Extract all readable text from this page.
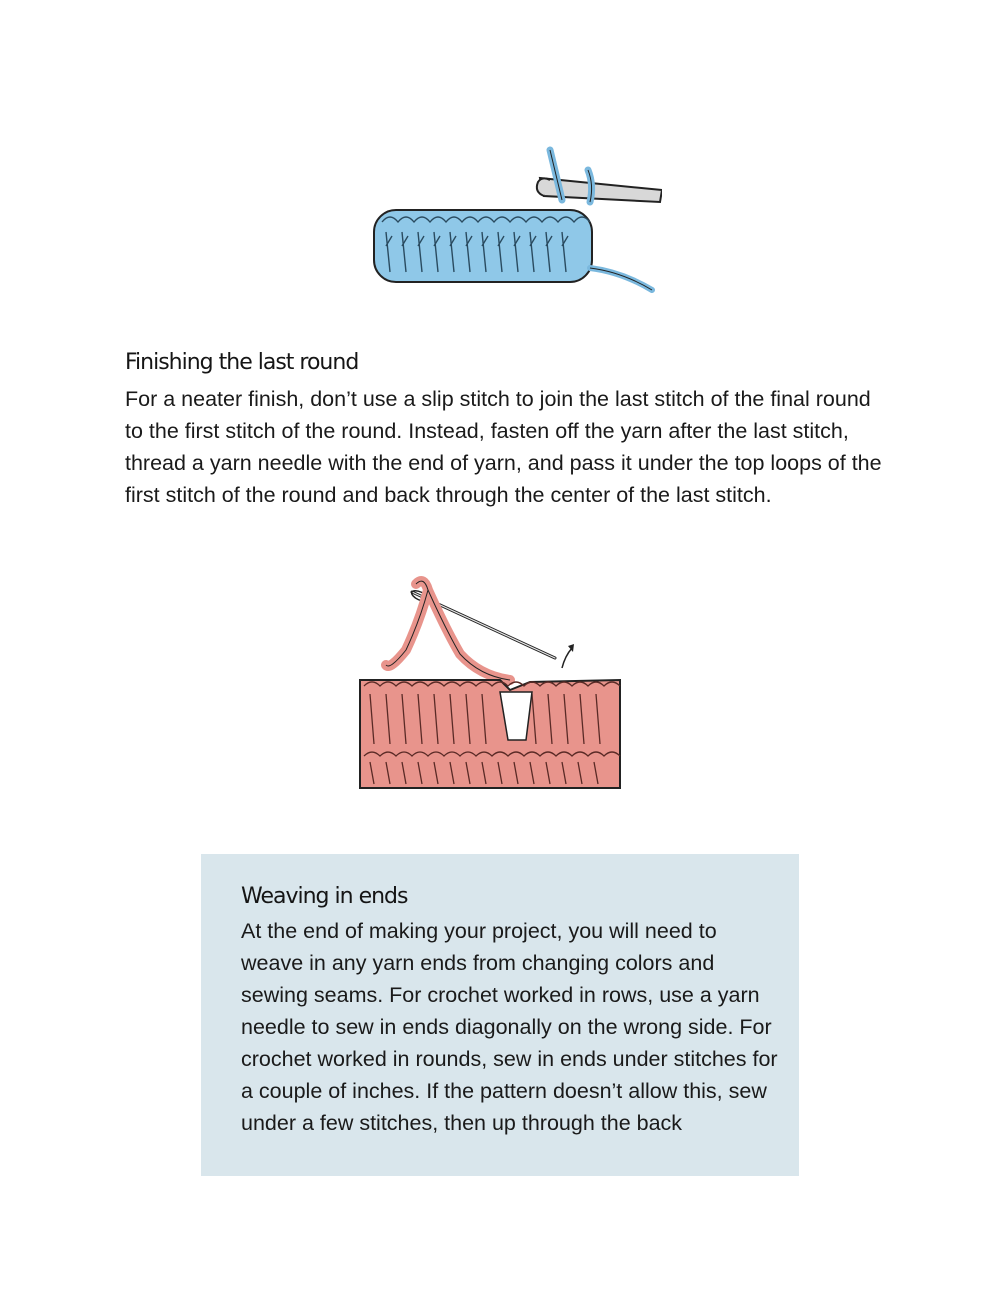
Finishing the last round

For a neater finish, don’t use a slip stitch to join the last stitch of the final round to the first stitch of the round. Instead, fasten off the yarn after the last stitch, thread a yarn needle with the end of yarn, and pass it under the top loops of the first stitch of the round and back through the center of the last stitch.

Weaving in ends

At the end of making your project, you will need to weave in any yarn ends from changing colors and sewing seams. For crochet worked in rows, use a yarn needle to sew in ends diagonally on the wrong side. For crochet worked in rounds, sew in ends under stitches for a couple of inches. If the pattern doesn’t allow this, sew under a few stitches, then up through the back
